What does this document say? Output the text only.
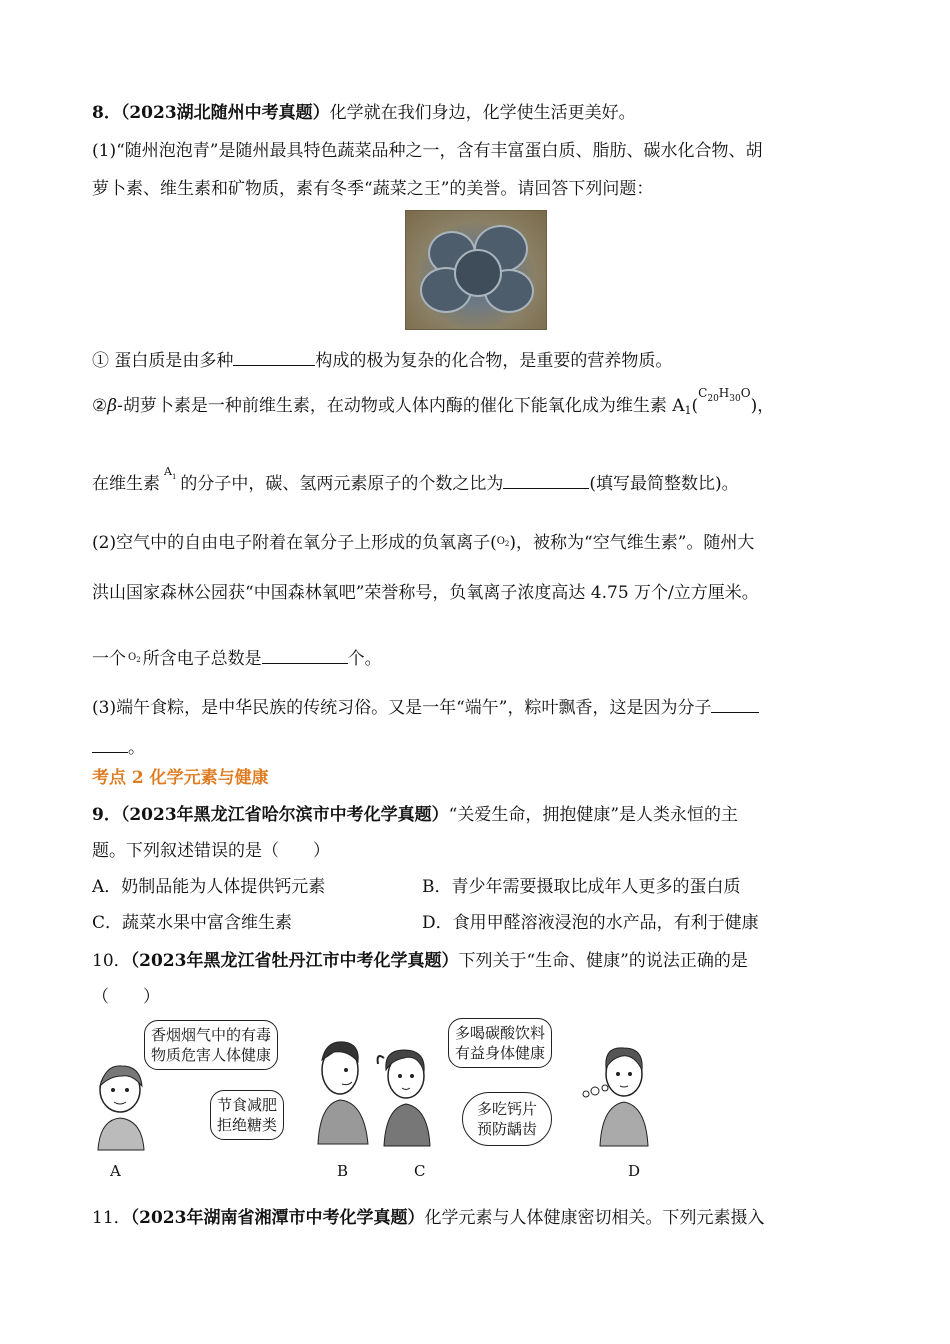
8．（2023湖北随州中考真题）化学就在我们身边，化学使生活更美好。
(1)“随州泡泡青”是随州最具特色蔬菜品种之一，含有丰富蛋白质、脂肪、碳水化合物、胡
萝卜素、维生素和矿物质，素有冬季“蔬菜之王”的美誉。请回答下列问题：
① 蛋白质是由多种	构成的极为复杂的化合物，是重要的营养物质。
②β-胡萝卜素是一种前维生素，在动物或人体内酶的催化下能氧化成为维生素 A1($^{C_{20}H_{30}O}$)，
在维生素$^{A_1}$ 的分子中，碳、氢两元素原子的个数之比为	(填写最简整数比)。
(2)空气中的自由电子附着在氧分子上形成的负氧离子($^{O_2}$)，被称为“空气维生素”。随州大
洪山国家森林公园获“中国森林氧吧”荣誉称号，负氧离子浓度高达 4.75 万个/立方厘米。
一个 $^{O_2}$ 所含电子总数是	个。
(3)端午食粽，是中华民族的传统习俗。又是一年“端午”，粽叶飘香，这是因为分子
。
考点 2 化学元素与健康
9．（2023年黑龙江省哈尔滨市中考化学真题）“关爱生命，拥抱健康”是人类永恒的主
题。下列叙述错误的是（　　）
A．奶制品能为人体提供钙元素	B．青少年需要摄取比成年人更多的蛋白质
C．蔬菜水果中富含维生素	D．食用甲醛溶液浸泡的水产品，有利于健康
10．（2023年黑龙江省牡丹江市中考化学真题）下列关于“生命、健康”的说法正确的是
（　　）
香烟烟气中的有毒
物质危害人体健康
节食减肥
拒绝糖类
多喝碳酸饮料
有益身体健康
多吃钙片
预防龋齿
A	B	C	D
11．（2023年湖南省湘潭市中考化学真题）化学元素与人体健康密切相关。下列元素摄入
